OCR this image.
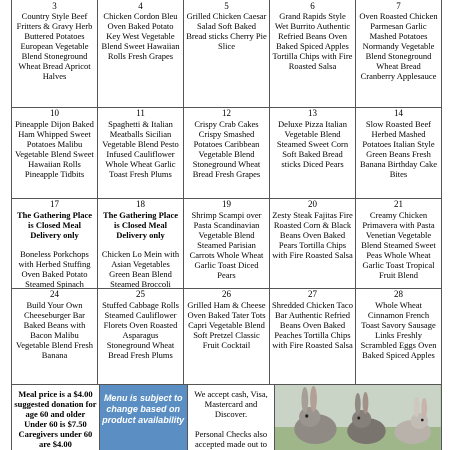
3
Country Style Beef Fritters & Gravy Herb Buttered Potatoes European Vegetable Blend Stoneground Wheat Bread Apricot Halves
4
Chicken Cordon Bleu Oven Baked Potato Key West Vegetable Blend Sweet Hawaiian Rolls Fresh Grapes
5
Grilled Chicken Caesar Salad Soft Baked Bread sticks Cherry Pie Slice
6
Grand Rapids Style Wet Burrito Authentic Refried Beans Oven Baked Spiced Apples Tortilla Chips with Fire Roasted Salsa
7
Oven Roasted Chicken Parmesan Garlic Mashed Potatoes Normandy Vegetable Blend Stoneground Wheat Bread Cranberry Applesauce
10
Pineapple Dijon Baked Ham Whipped Sweet Potatoes Malibu Vegetable Blend Sweet Hawaiian Rolls Pineapple Tidbits
11
Spaghetti & Italian Meatballs Sicilian Vegetable Blend Pesto Infused Cauliflower Whole Wheat Garlic Toast Fresh Plums
12
Crispy Crab Cakes Crispy Smashed Potatoes Caribbean Vegetable Blend Stoneground Wheat Bread Fresh Grapes
13
Deluxe Pizza Italian Vegetable Blend Steamed Sweet Corn Soft Baked Bread sticks Diced Pears
14
Slow Roasted Beef Herbed Mashed Potatoes Italian Style Green Beans Fresh Banana Birthday Cake Bites
17
The Gathering Place is Closed Meal Delivery only
Boneless Porkchops with Herbed Stuffing Oven Baked Potato Steamed Spinach
18
The Gathering Place is Closed Meal Delivery only
Chicken Lo Mein with Asian Vegetables Green Bean Blend Steamed Broccoli
19
Shrimp Scampi over Pasta Scandinavian Vegetable Blend Steamed Parisian Carrots Whole Wheat Garlic Toast Diced Pears
20
Zesty Steak Fajitas Fire Roasted Corn & Black Beans Oven Baked Pears Tortilla Chips with Fire Roasted Salsa
21
Creamy Chicken Primavera with Pasta Venetian Vegetable Blend Steamed Sweet Peas Whole Wheat Garlic Toast Tropical Fruit Blend
24
Build Your Own Cheeseburger Bar Baked Beans with Bacon Malibu Vegetable Blend Fresh Banana
25
Stuffed Cabbage Rolls Steamed Cauliflower Florets Oven Roasted Asparagus Stoneground Wheat Bread Fresh Plums
26
Grilled Ham & Cheese Oven Baked Tater Tots Capri Vegetable Blend Soft Pretzel Classic Fruit Cocktail
27
Shredded Chicken Taco Bar Authentic Refried Beans Oven Baked Peaches Tortilla Chips with Fire Roasted Salsa
28
Whole Wheat Cinnamon French Toast Savory Sausage Links Freshly Scrambled Eggs Oven Baked Spiced Apples
Meal price is a $4.00 suggested donation for age 60 and older Under 60 is $7.50 Caregivers under 60 are $4.00
Menu is subject to change based on product availability
We accept cash, Visa, Mastercard and Discover.
Personal Checks also accepted made out to
